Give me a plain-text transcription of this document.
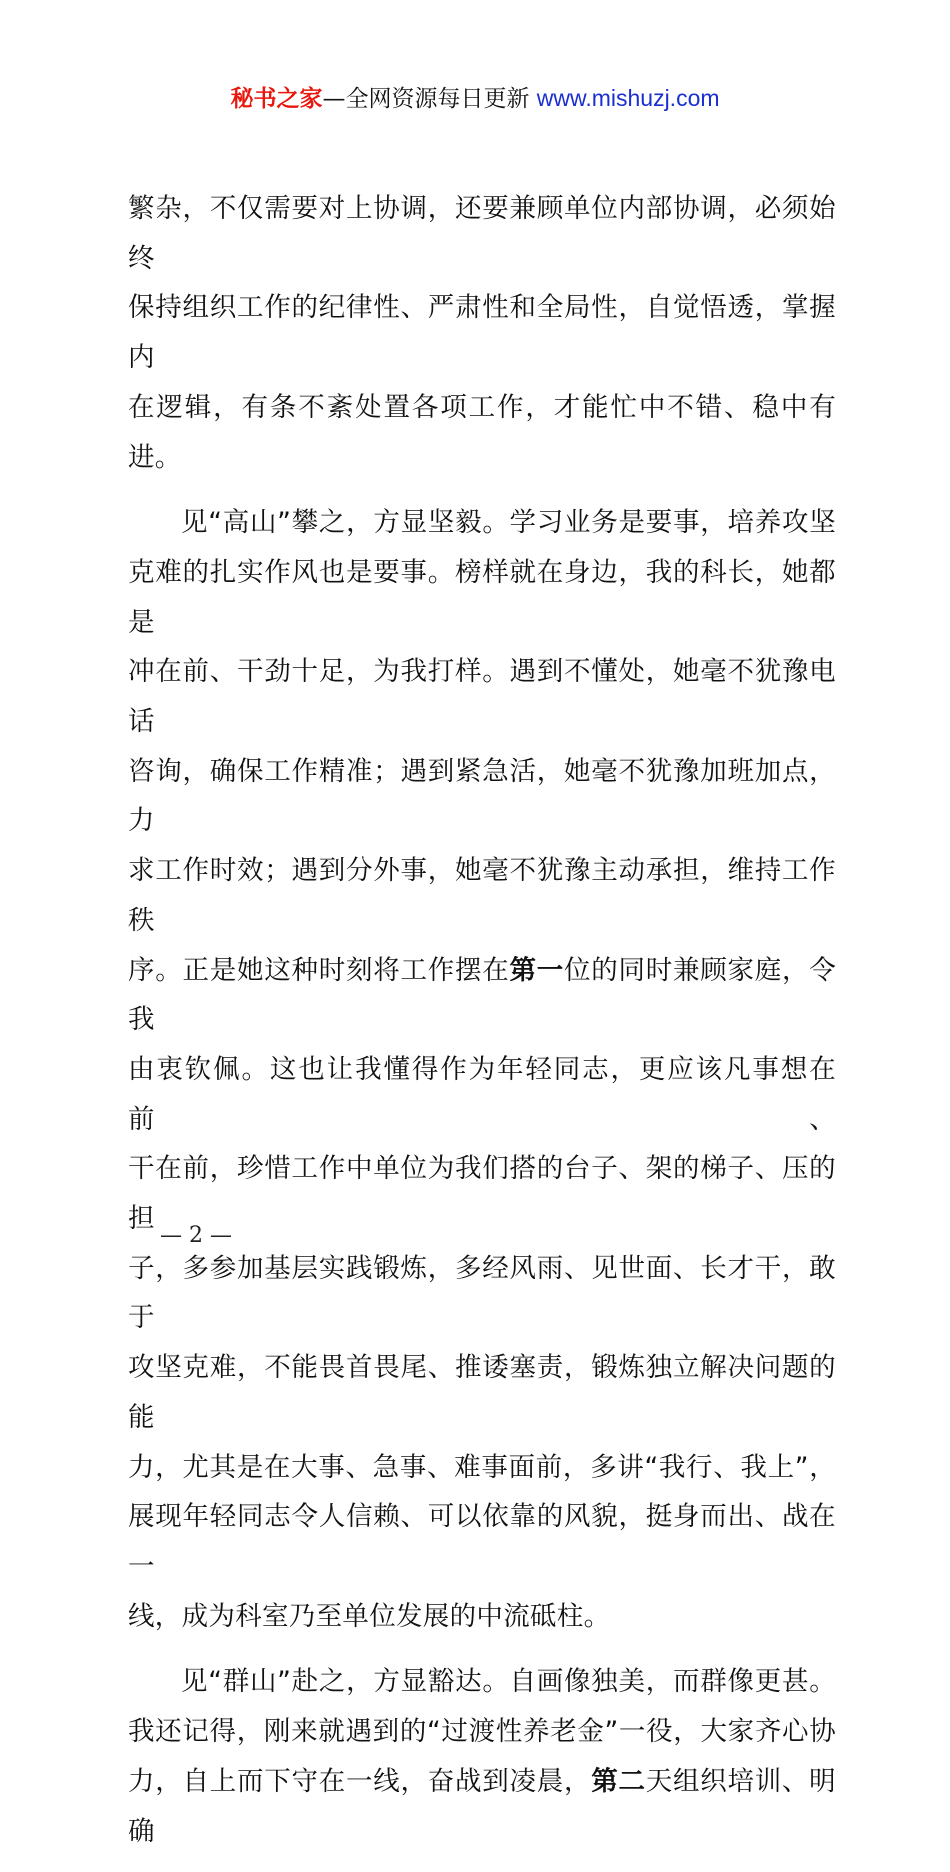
秘书之家—全网资源每日更新 www.mishuzj.com

繁杂，不仅需要对上协调，还要兼顾单位内部协调，必须始终
保持组织工作的纪律性、严肃性和全局性，自觉悟透，掌握内
在逻辑，有条不紊处置各项工作，才能忙中不错、稳中有进。

见“高山”攀之，方显坚毅。学习业务是要事，培养攻坚
克难的扎实作风也是要事。榜样就在身边，我的科长，她都是
冲在前、干劲十足，为我打样。遇到不懂处，她毫不犹豫电话
咨询，确保工作精准；遇到紧急活，她毫不犹豫加班加点，力
求工作时效；遇到分外事，她毫不犹豫主动承担，维持工作秩
序。正是她这种时刻将工作摆在第一位的同时兼顾家庭，令我
由衷钦佩。这也让我懂得作为年轻同志，更应该凡事想在前、
干在前，珍惜工作中单位为我们搭的台子、架的梯子、压的担
子，多参加基层实践锻炼，多经风雨、见世面、长才干，敢于
攻坚克难，不能畏首畏尾、推诿塞责，锻炼独立解决问题的能
力，尤其是在大事、急事、难事面前，多讲“我行、我上”，
展现年轻同志令人信赖、可以依靠的风貌，挺身而出、战在一
线，成为科室乃至单位发展的中流砥柱。

见“群山”赴之，方显豁达。自画像独美，而群像更甚。
我还记得，刚来就遇到的“过渡性养老金”一役，大家齐心协
力，自上而下守在一线，奋战到凌晨，第二天组织培训、明确

— 2 —
